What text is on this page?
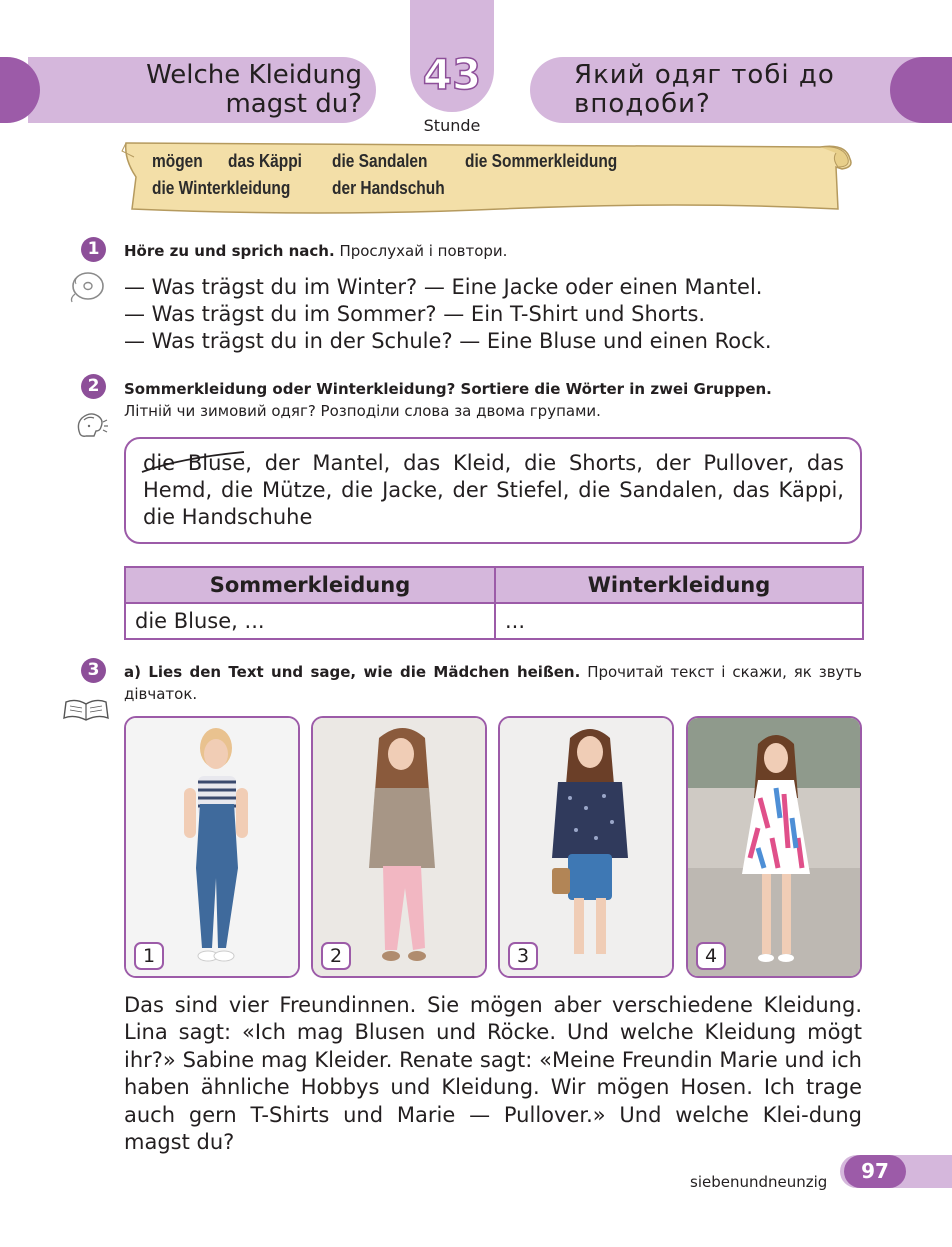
Welche Kleidung
magst du?
Який одяг тобі до
вподоби?
43
Stunde
mögen das Käppi die Sandalen die Sommerkleidung
die Winterkleidung der Handschuh
1	Höre zu und sprich nach. Прослухай і повтори.
— Was trägst du im Winter? — Eine Jacke oder einen Mantel.
— Was trägst du im Sommer? — Ein T-Shirt und Shorts.
— Was trägst du in der Schule? — Eine Bluse und einen Rock.
2	Sommerkleidung oder Winterkleidung? Sortiere die Wörter in zwei Gruppen.
Літній чи зимовий одяг? Розподіли слова за двома групами.
die Bluse, der Mantel, das Kleid, die Shorts, der Pullover, das Hemd, die Mütze, die Jacke, der Stiefel, die Sandalen, das Käppi, die Handschuhe
Sommerkleidung	Winterkleidung
die Bluse, ...	...
3	a) Lies den Text und sage, wie die Mädchen heißen. Прочитай текст і скажи, як звуть дівчаток.
1	2	3	4
Das sind vier Freundinnen. Sie mögen aber verschiedene Kleidung. Lina sagt: «Ich mag Blusen und Röcke. Und welche Kleidung mögt ihr?» Sabine mag Kleider. Renate sagt: «Meine Freundin Marie und ich haben ähnliche Hobbys und Kleidung. Wir mögen Hosen. Ich trage auch gern T-Shirts und Marie — Pullover.» Und welche Klei-dung magst du?
siebenundneunzig	97
